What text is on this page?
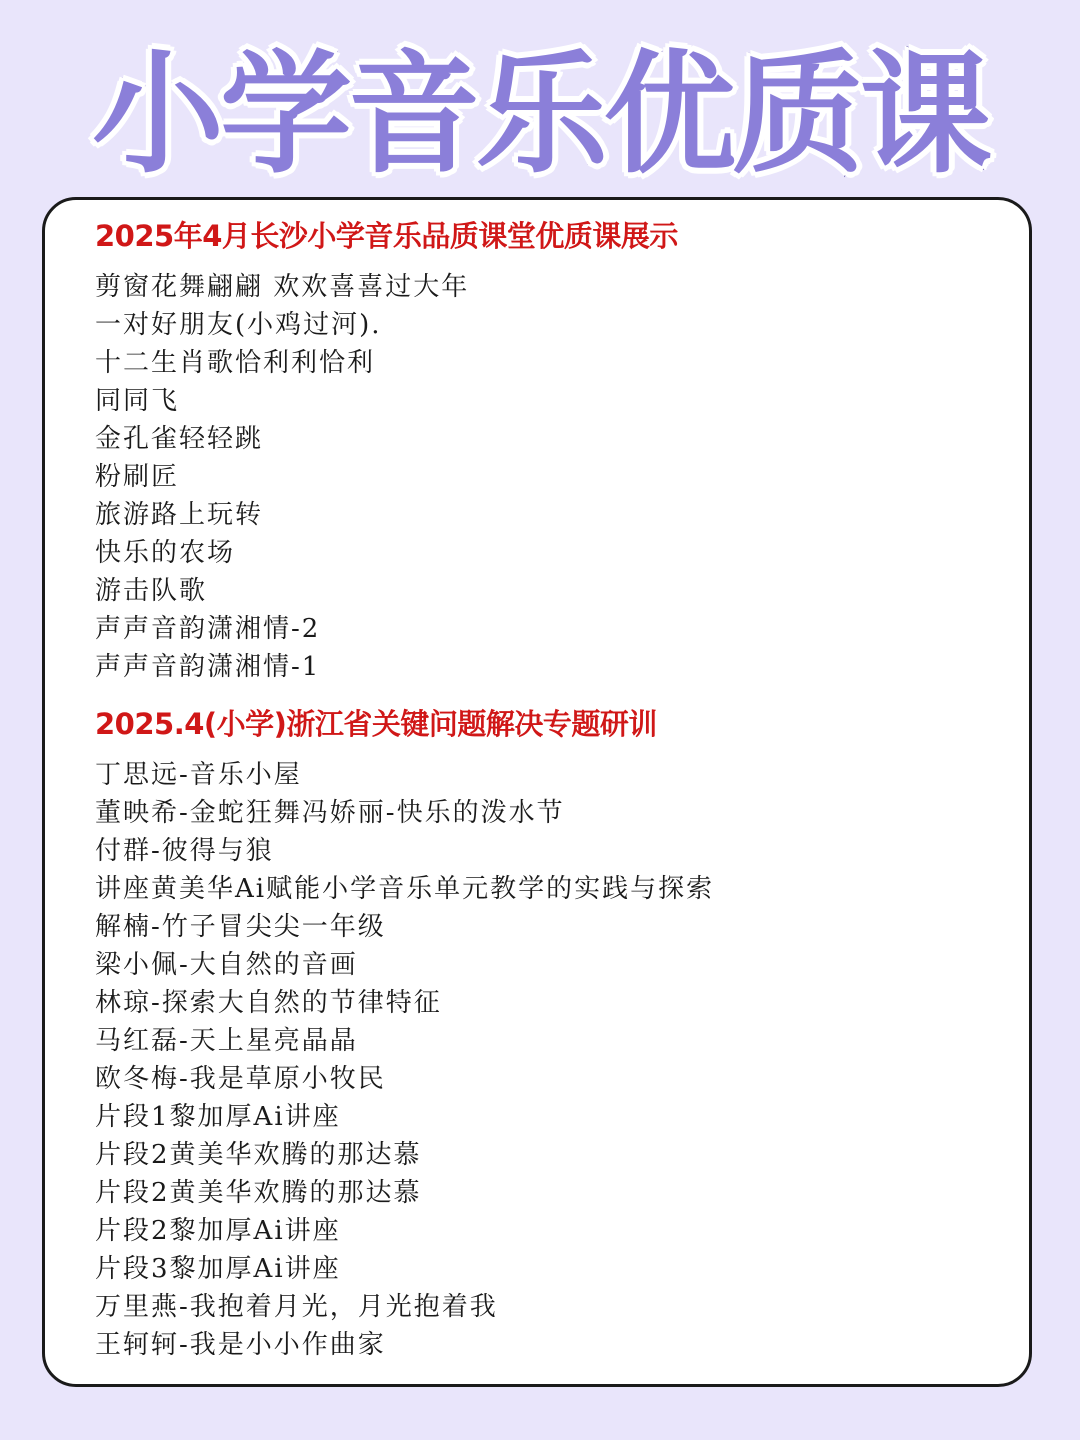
小学音乐优质课
2025年4月长沙小学音乐品质课堂优质课展示
剪窗花舞翩翩 欢欢喜喜过大年
一对好朋友(小鸡过河).
十二生肖歌恰利利恰利
同同飞
金孔雀轻轻跳
粉刷匠
旅游路上玩转
快乐的农场
游击队歌
声声音韵潇湘情-2
声声音韵潇湘情-1
2025.4(小学)浙江省关键问题解决专题研训
丁思远-音乐小屋
董映希-金蛇狂舞冯娇丽-快乐的泼水节
付群-彼得与狼
讲座黄美华Ai赋能小学音乐单元教学的实践与探索
解楠-竹子冒尖尖一年级
梁小佩-大自然的音画
林琼-探索大自然的节律特征
马红磊-天上星亮晶晶
欧冬梅-我是草原小牧民
片段1黎加厚Ai讲座
片段2黄美华欢腾的那达慕
片段2黄美华欢腾的那达慕
片段2黎加厚Ai讲座
片段3黎加厚Ai讲座
万里燕-我抱着月光，月光抱着我
王轲轲-我是小小作曲家
